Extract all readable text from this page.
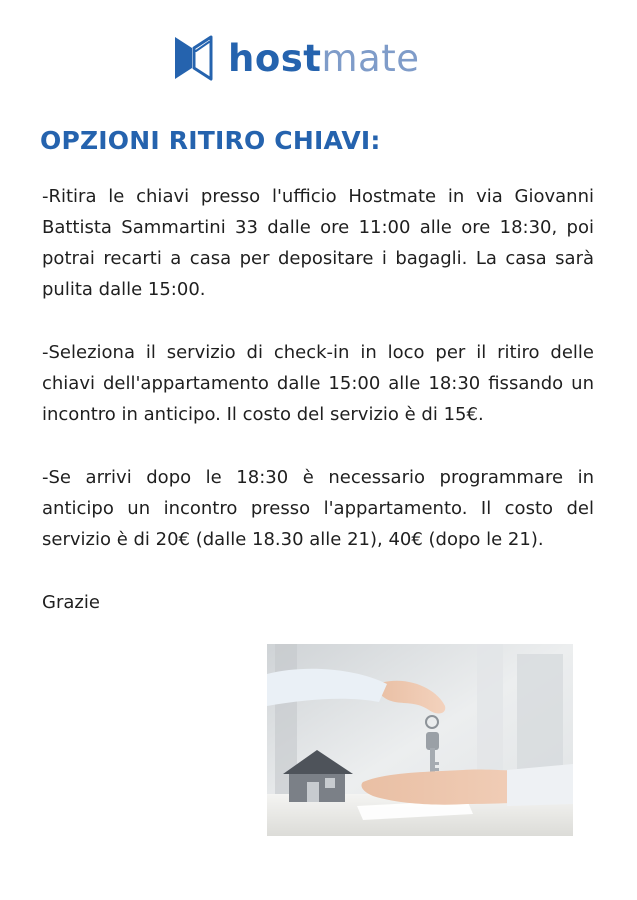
host mate
OPZIONI RITIRO CHIAVI:

-Ritira le chiavi presso l'ufficio Hostmate in via Giovanni Battista Sammartini 33 dalle ore 11:00 alle ore 18:30, poi potrai recarti a casa per depositare i bagagli. La casa sarà pulita dalle 15:00.

-Seleziona il servizio di check-in in loco per il ritiro delle chiavi dell'appartamento dalle 15:00 alle 18:30 fissando un incontro in anticipo. Il costo del servizio è di 15€.

-Se arrivi dopo le 18:30 è necessario programmare in anticipo un incontro presso l'appartamento. Il costo del servizio è di 20€ (dalle 18.30 alle 21), 40€ (dopo le 21).

Grazie
